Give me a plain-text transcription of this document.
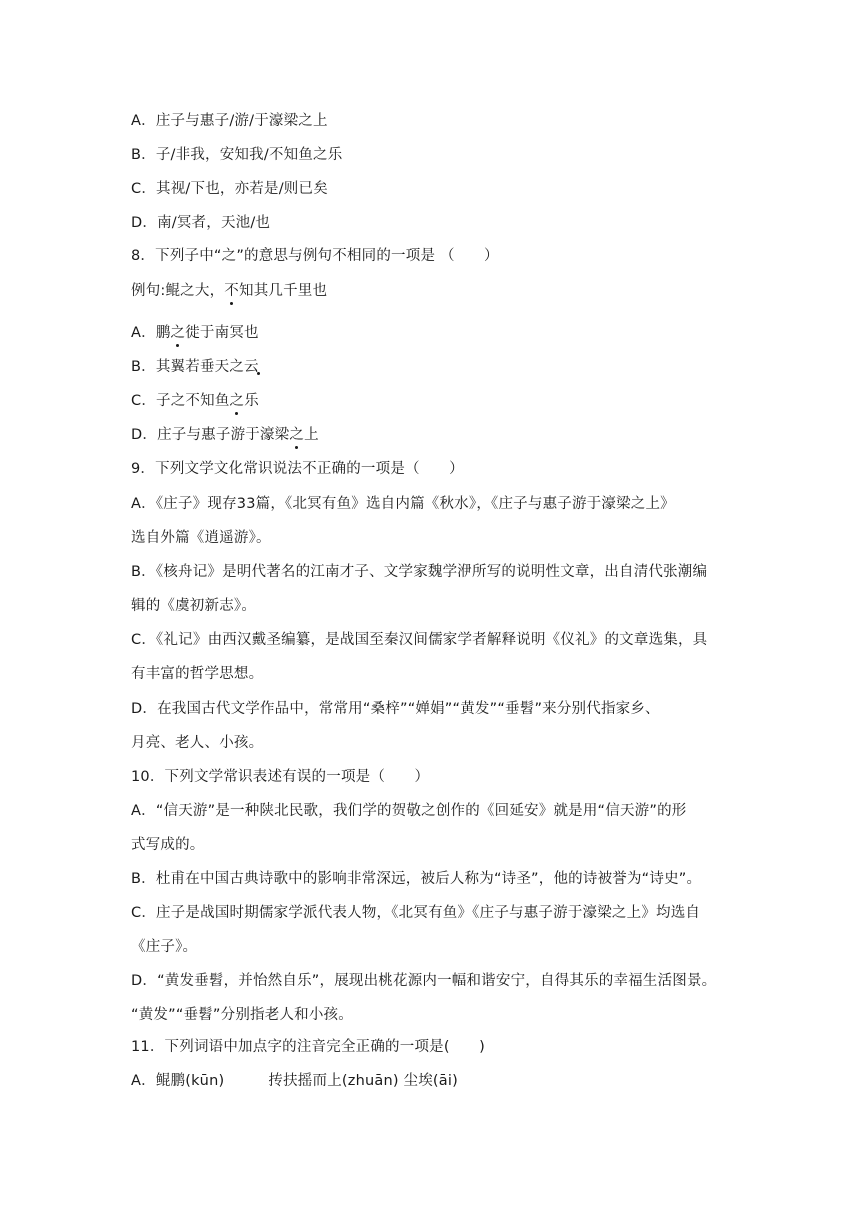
A．庄子与惠子/游/于濠梁之上
B．子/非我，安知我/不知鱼之乐
C．其视/下也，亦若是/则已矣
D．南/冥者，天池/也
8．下列子中“之”的意思与例句不相同的一项是 （　　）
例句:鲲之大，不知其几千里也
A．鹏之徙于南冥也
B．其翼若垂天之云
C．子之不知鱼之乐
D．庄子与惠子游于濠梁之上
9．下列文学文化常识说法不正确的一项是（　　）
A．《庄子》现存33篇，《北冥有鱼》选自内篇《秋水》，《庄子与惠子游于濠梁之上》
选自外篇《逍遥游》。
B．《核舟记》是明代著名的江南才子、文学家魏学洢所写的说明性文章，出自清代张潮编
辑的《虞初新志》。
C．《礼记》由西汉戴圣编纂，是战国至秦汉间儒家学者解释说明《仪礼》的文章选集，具
有丰富的哲学思想。
D．在我国古代文学作品中，常常用“桑梓”“婵娟”“黄发”“垂髫”来分别代指家乡、
月亮、老人、小孩。
10．下列文学常识表述有误的一项是（　　）
A．“信天游”是一种陕北民歌，我们学的贺敬之创作的《回延安》就是用“信天游”的形
式写成的。
B．杜甫在中国古典诗歌中的影响非常深远，被后人称为“诗圣”，他的诗被誉为“诗史”。
C．庄子是战国时期儒家学派代表人物，《北冥有鱼》《庄子与惠子游于濠梁之上》均选自
《庄子》。
D．“黄发垂髫，并怡然自乐”，展现出桃花源内一幅和谐安宁，自得其乐的幸福生活图景。
“黄发”“垂髫”分别指老人和小孩。
11．下列词语中加点字的注音完全正确的一项是(　　)
A．鲲鹏(kūn)　　　抟扶摇而上(zhuān) 尘埃(āi)
